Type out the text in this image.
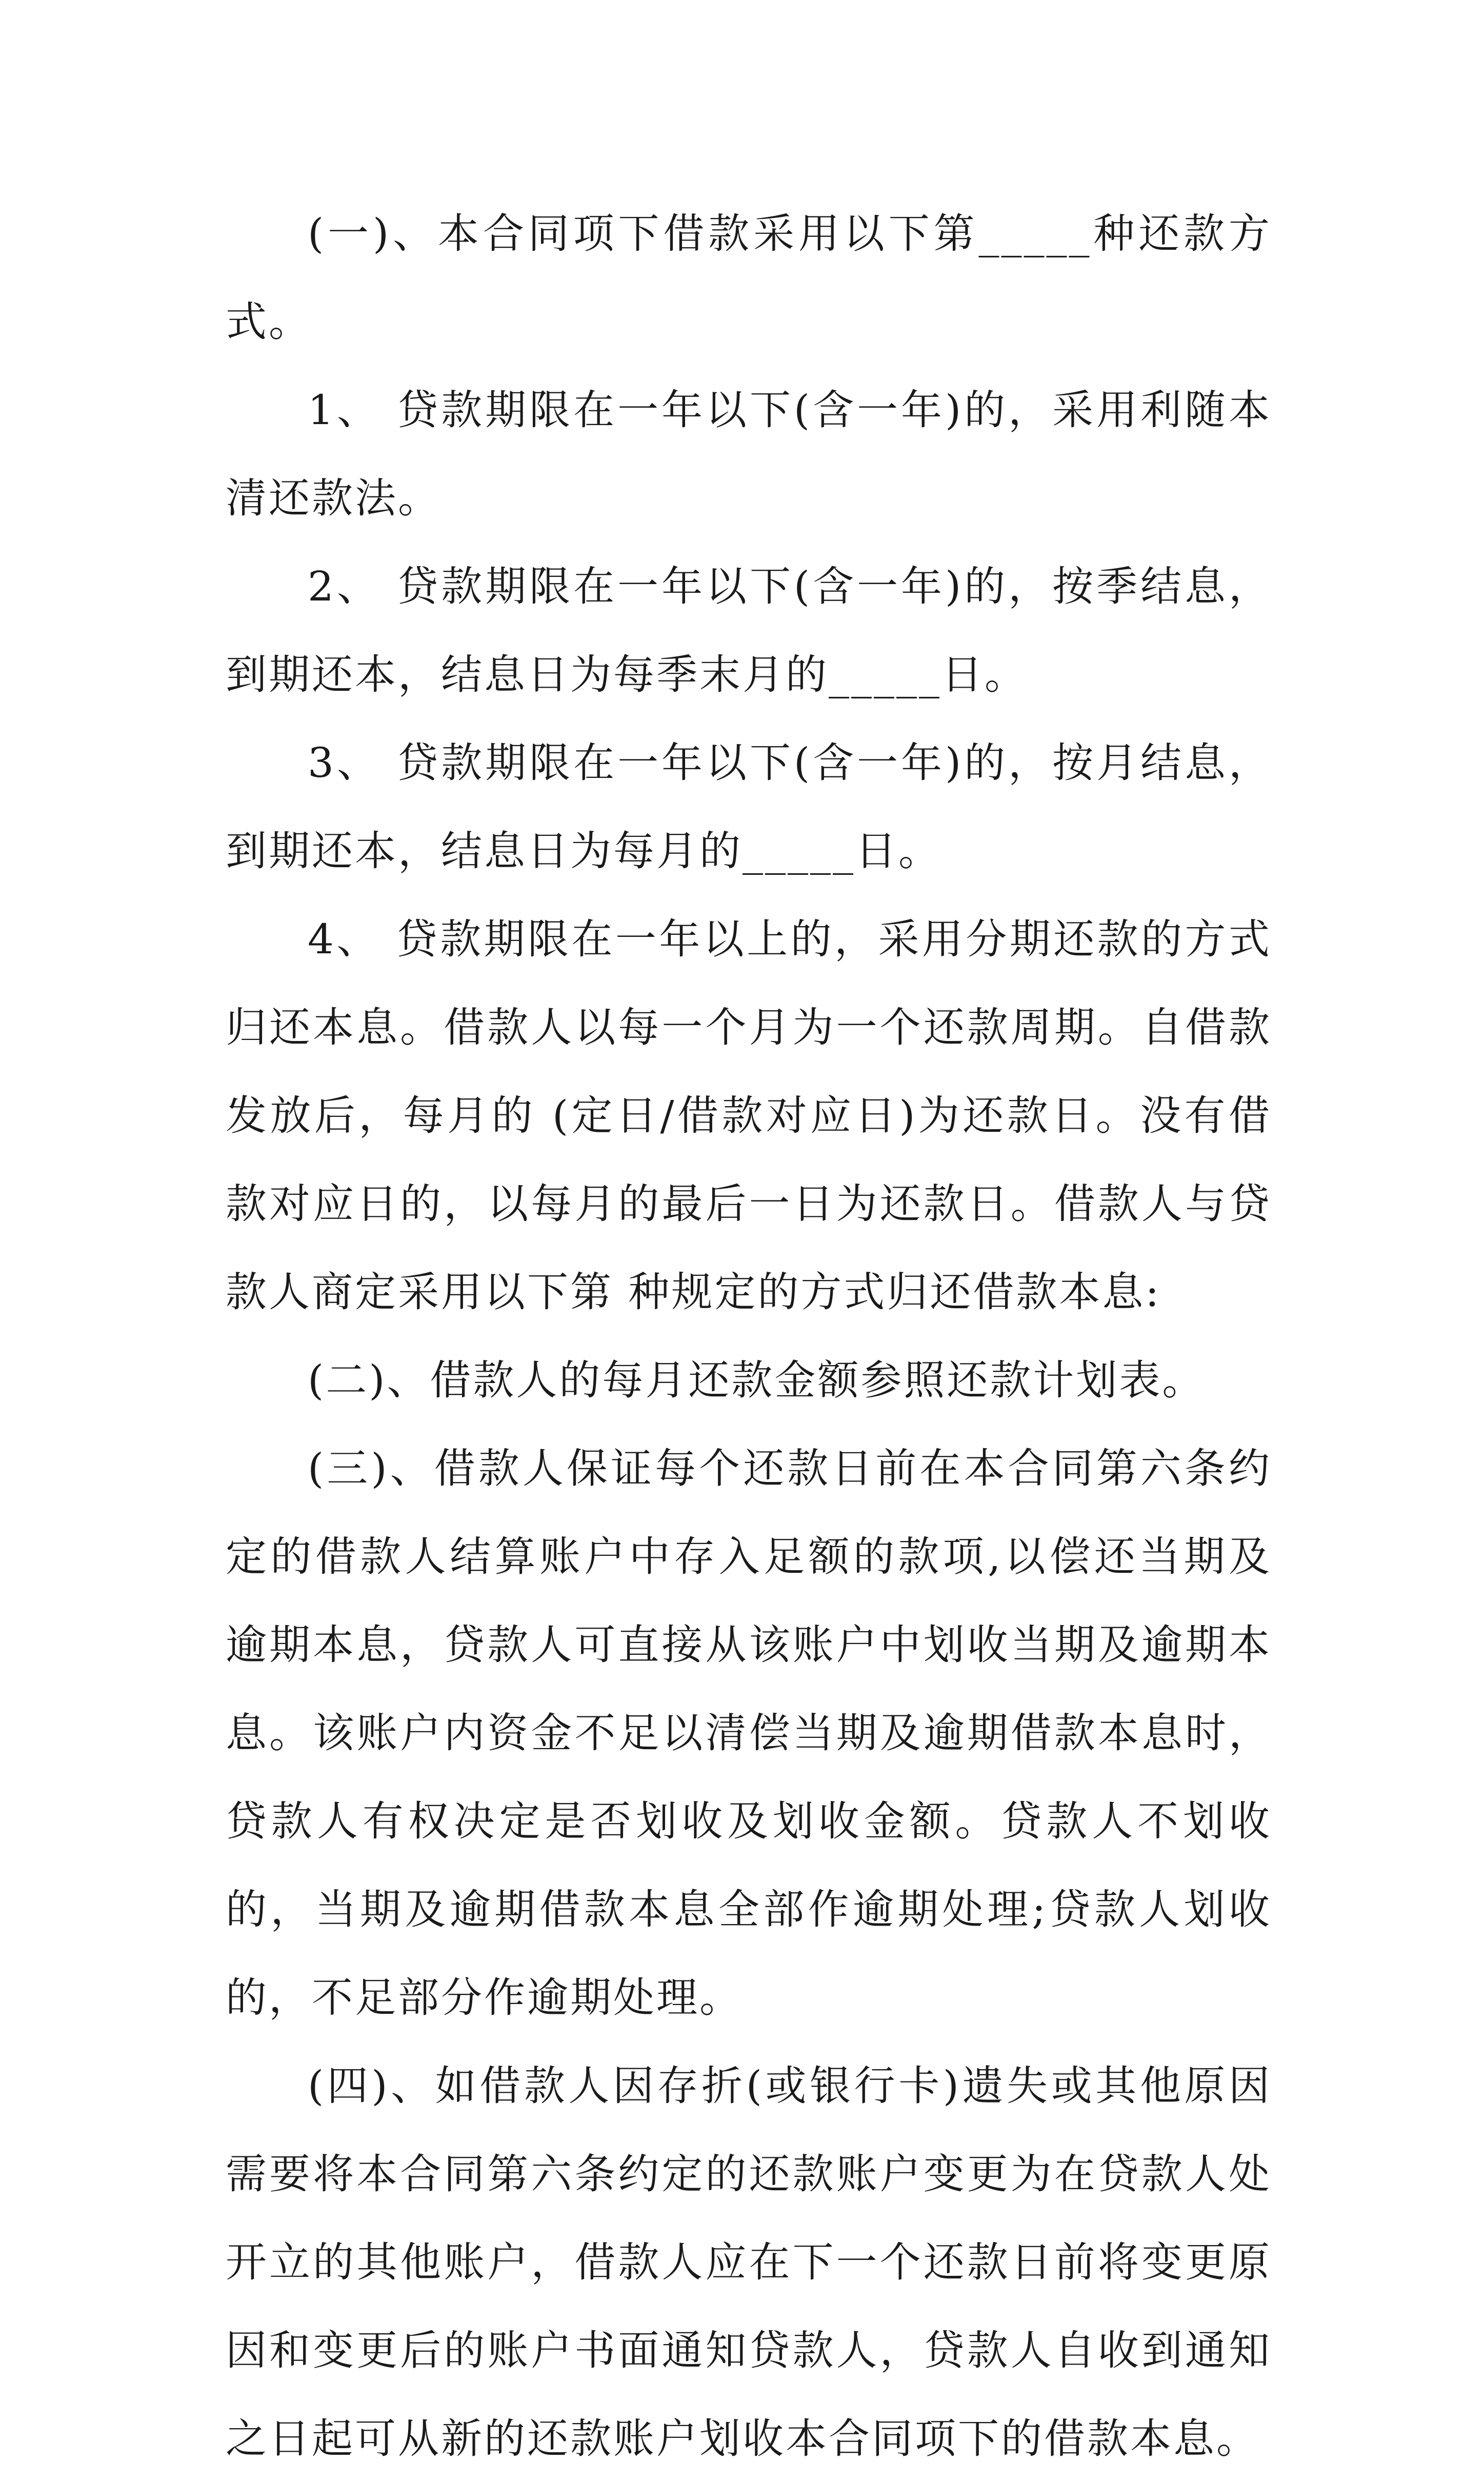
(一)、本合同项下借款采用以下第_____种还款方式。

1、 贷款期限在一年以下(含一年)的，采用利随本清还款法。

2、 贷款期限在一年以下(含一年)的，按季结息，到期还本，结息日为每季末月的_____日。

3、 贷款期限在一年以下(含一年)的，按月结息，到期还本，结息日为每月的_____日。

4、 贷款期限在一年以上的，采用分期还款的方式归还本息。借款人以每一个月为一个还款周期。自借款发放后，每月的 (定日/借款对应日)为还款日。没有借款对应日的，以每月的最后一日为还款日。借款人与贷款人商定采用以下第 种规定的方式归还借款本息:

(二)、借款人的每月还款金额参照还款计划表。

(三)、借款人保证每个还款日前在本合同第六条约定的借款人结算账户中存入足额的款项,以偿还当期及逾期本息，贷款人可直接从该账户中划收当期及逾期本息。该账户内资金不足以清偿当期及逾期借款本息时，贷款人有权决定是否划收及划收金额。贷款人不划收的，当期及逾期借款本息全部作逾期处理;贷款人划收的，不足部分作逾期处理。

(四)、如借款人因存折(或银行卡)遗失或其他原因需要将本合同第六条约定的还款账户变更为在贷款人处开立的其他账户，借款人应在下一个还款日前将变更原因和变更后的账户书面通知贷款人，贷款人自收到通知之日起可从新的还款账户划收本合同项下的借款本息。
